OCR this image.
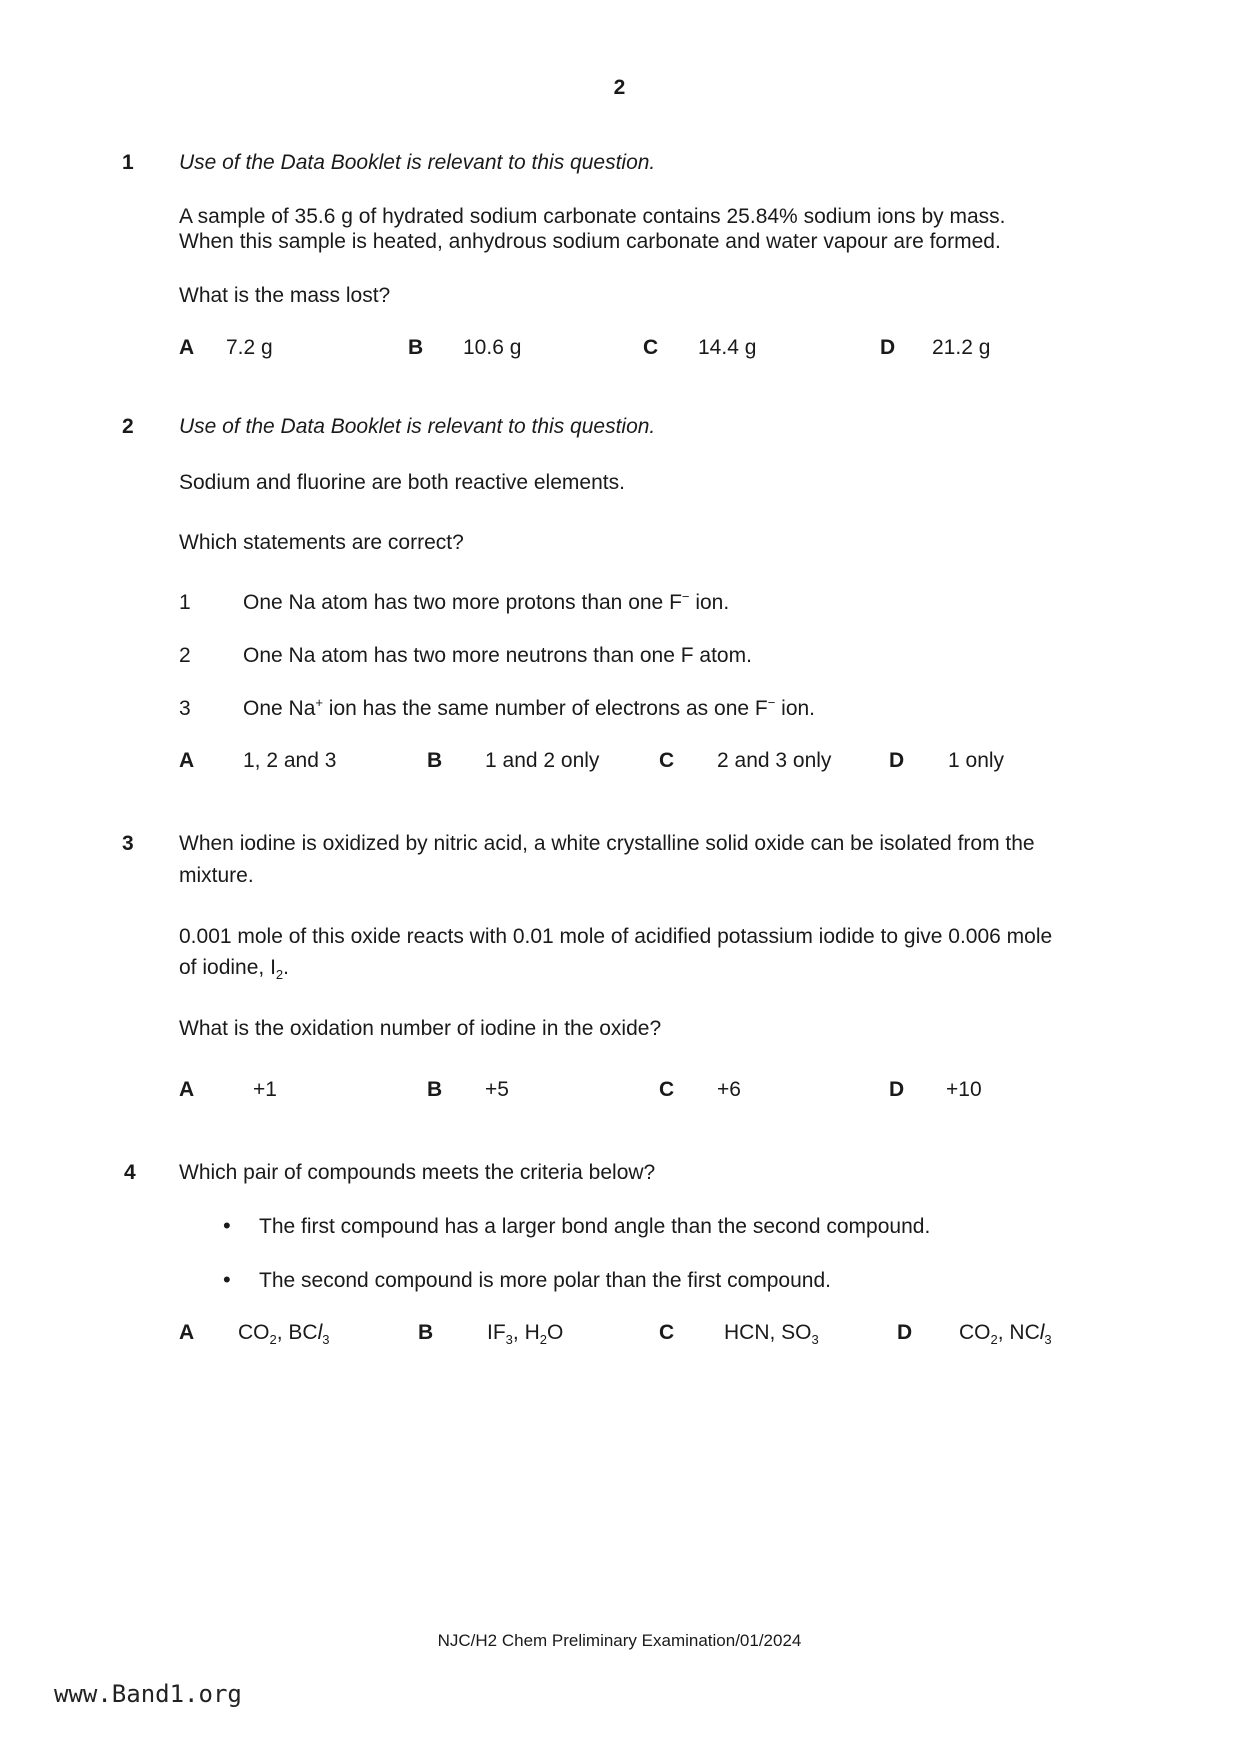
2
1 Use of the Data Booklet is relevant to this question.
A sample of 35.6 g of hydrated sodium carbonate contains 25.84% sodium ions by mass.
When this sample is heated, anhydrous sodium carbonate and water vapour are formed.
What is the mass lost?
A 7.2 g	B 10.6 g	C 14.4 g	D 21.2 g
2 Use of the Data Booklet is relevant to this question.
Sodium and fluorine are both reactive elements.
Which statements are correct?
1 One Na atom has two more protons than one F− ion.
2 One Na atom has two more neutrons than one F atom.
3 One Na+ ion has the same number of electrons as one F− ion.
A 1, 2 and 3	B 1 and 2 only	C 2 and 3 only	D 1 only
3 When iodine is oxidized by nitric acid, a white crystalline solid oxide can be isolated from the
mixture.
0.001 mole of this oxide reacts with 0.01 mole of acidified potassium iodide to give 0.006 mole
of iodine, $I_2$.
What is the oxidation number of iodine in the oxide?
A	+1	B +5	C +6	D +10
4 Which pair of compounds meets the criteria below?
• The first compound has a larger bond angle than the second compound.
• The second compound is more polar than the first compound.
A $CO_2$, BCl$_3$	B	$IF_3$, $H_2O$	C HCN, $SO_3$	D $CO_2$, NCl$_3$
NJC/H2 Chem Preliminary Examination/01/2024
www.Band1.org
